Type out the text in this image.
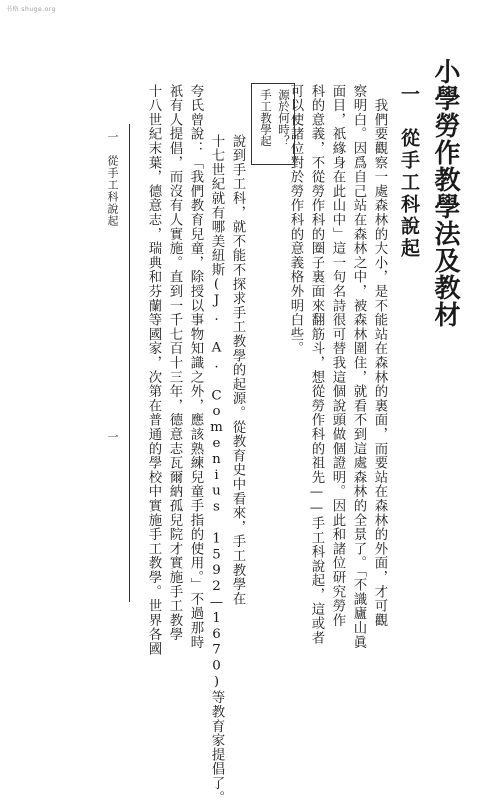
书格 shuge.org
小學勞作教學法及教材
一　從手工科說起
　我們要觀察一處森林的大小，是不能站在森林的裏面，而要站在森林的外面，才可觀
察明白。因爲自己站在森林之中，被森林圍住，就看不到這處森林的全景了。「不識廬山眞
面目，祇緣身在此山中」這一句名詩很可替我這個說頭做個證明。因此和諸位研究勞作
科的意義，不從勞作科的圈子裏面來翻筋斗，想從勞作科的祖先——手工科說起，這或者
可以使諸位對於勞作科的意義格外明白些。
手工教學起 源於何時？
說到手工科，就不能不探求手工教學的起源。從教育史中看來，手工教學在
十七世紀就有哪美紐斯(J. A. Comenius 1592—1670)等教育家提倡了。
夸氏曾說：「我們教育兒童，除授以事物知識之外，應該熟練兒童手指的使用。」不過那時
祇有人提倡，而沒有人實施。直到一千七百十三年，德意志瓦爾納孤兒院才實施手工教學
十八世紀末葉，德意志，瑞典和芬蘭等國家，次第在普通的學校中實施手工教學。世界各國
一　從手工科說起
一
